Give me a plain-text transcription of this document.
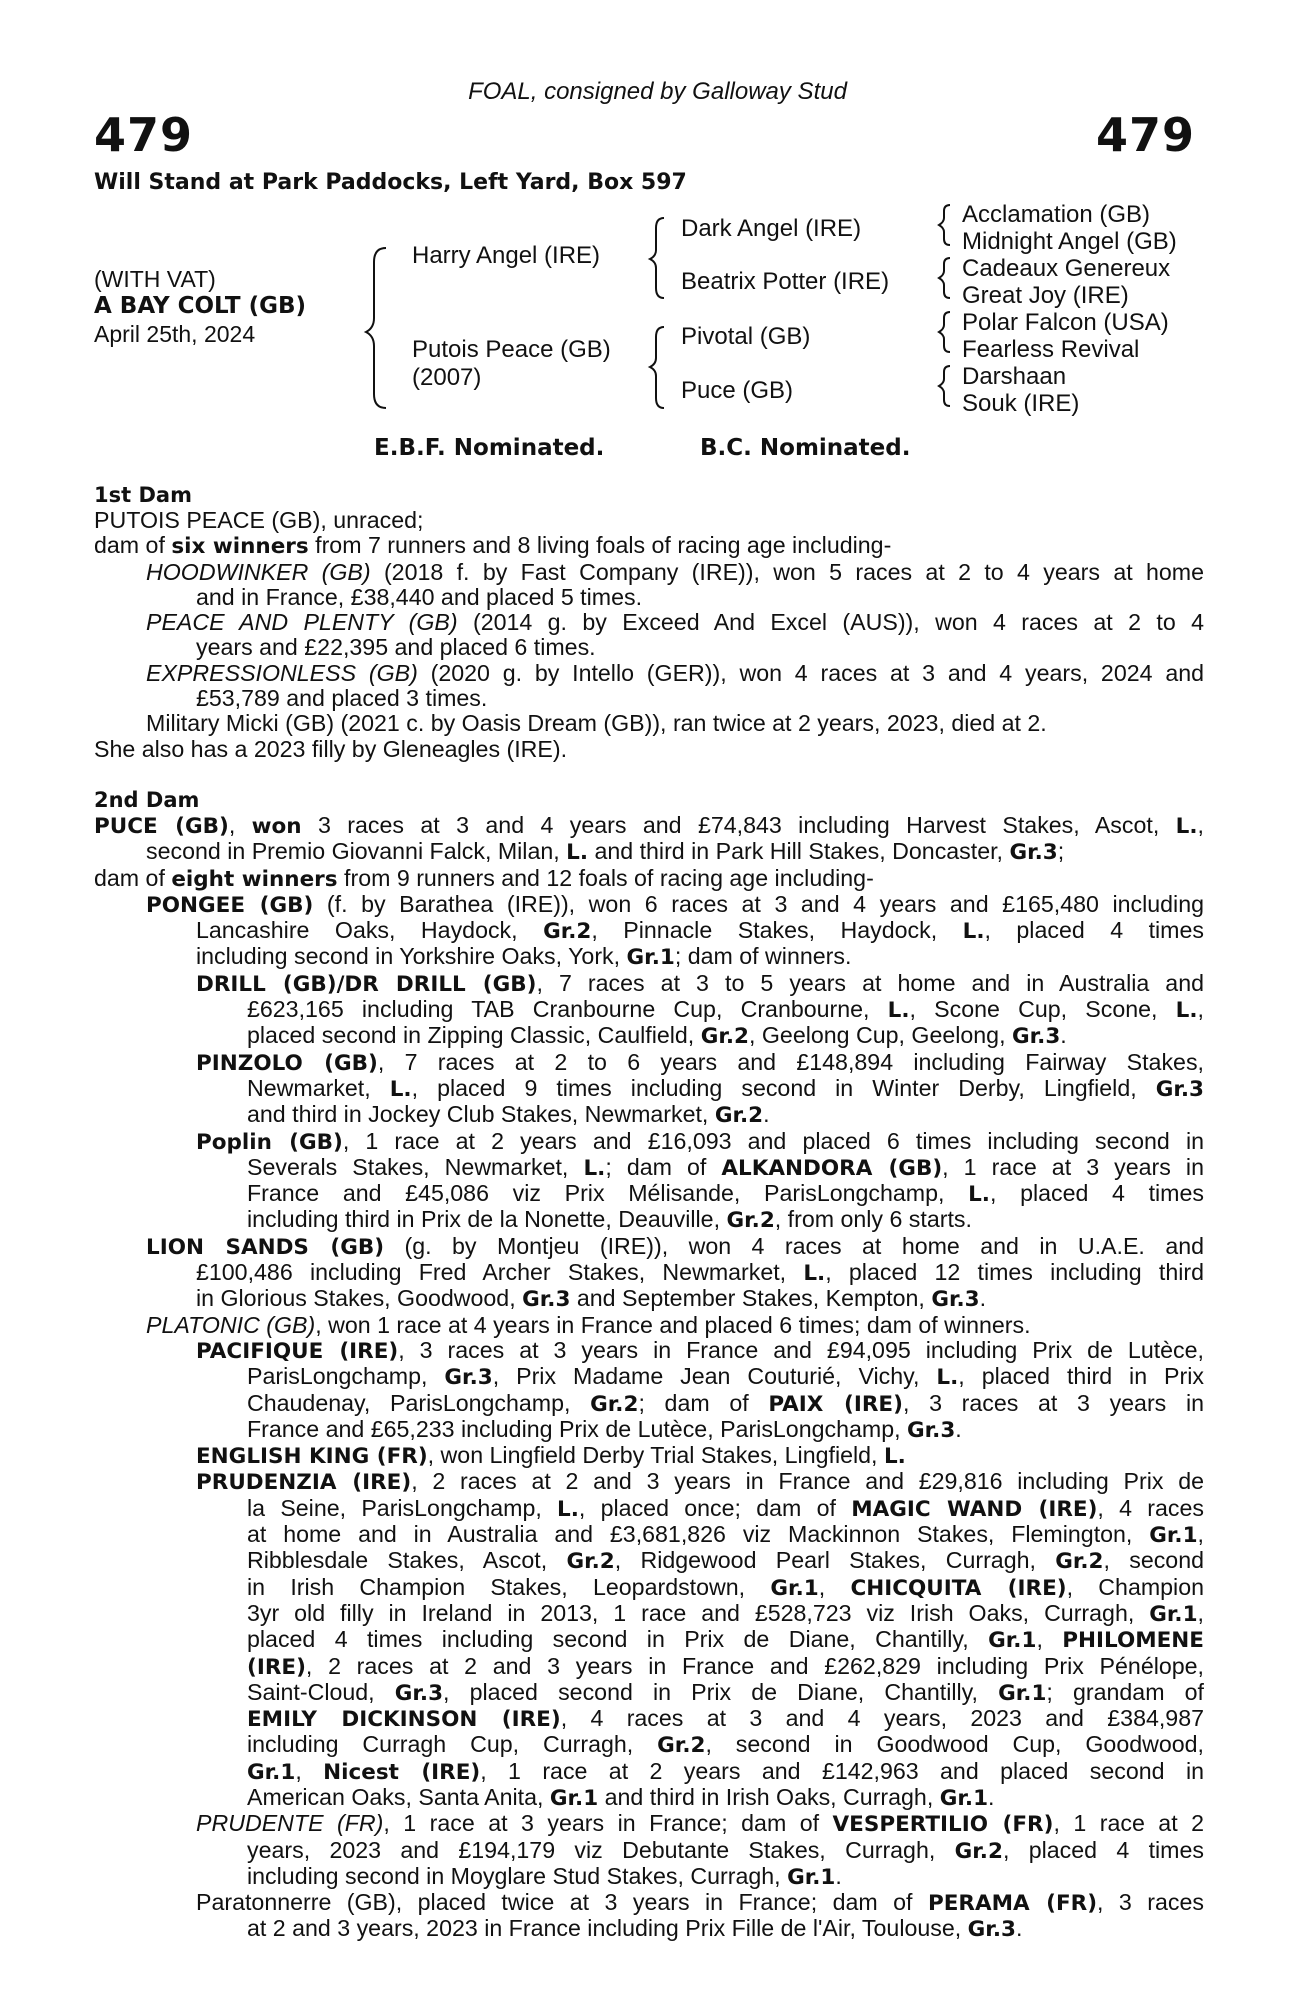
FOAL, consigned by Galloway Stud
479	479
Will Stand at Park Paddocks, Left Yard, Box 597
(WITH VAT)
A BAY COLT (GB)
April 25th, 2024
Harry Angel (IRE)
Putois Peace (GB)
(2007)
Dark Angel (IRE)
Beatrix Potter (IRE)
Pivotal (GB)
Puce (GB)
Acclamation (GB)
Midnight Angel (GB)
Cadeaux Genereux
Great Joy (IRE)
Polar Falcon (USA)
Fearless Revival
Darshaan
Souk (IRE)
E.B.F. Nominated.	B.C. Nominated.
1st Dam
PUTOIS PEACE (GB), unraced;
dam of six winners from 7 runners and 8 living foals of racing age including-
HOODWINKER (GB) (2018 f. by Fast Company (IRE)), won 5 races at 2 to 4 years at home
and in France, £38,440 and placed 5 times.
PEACE AND PLENTY (GB) (2014 g. by Exceed And Excel (AUS)), won 4 races at 2 to 4
years and £22,395 and placed 6 times.
EXPRESSIONLESS (GB) (2020 g. by Intello (GER)), won 4 races at 3 and 4 years, 2024 and
£53,789 and placed 3 times.
Military Micki (GB) (2021 c. by Oasis Dream (GB)), ran twice at 2 years, 2023, died at 2.
She also has a 2023 filly by Gleneagles (IRE).
2nd Dam
PUCE (GB), won 3 races at 3 and 4 years and £74,843 including Harvest Stakes, Ascot, L.,
second in Premio Giovanni Falck, Milan, L. and third in Park Hill Stakes, Doncaster, Gr.3;
dam of eight winners from 9 runners and 12 foals of racing age including-
PONGEE (GB) (f. by Barathea (IRE)), won 6 races at 3 and 4 years and £165,480 including
Lancashire Oaks, Haydock, Gr.2, Pinnacle Stakes, Haydock, L., placed 4 times
including second in Yorkshire Oaks, York, Gr.1; dam of winners.
DRILL (GB)/DR DRILL (GB), 7 races at 3 to 5 years at home and in Australia and
£623,165 including TAB Cranbourne Cup, Cranbourne, L., Scone Cup, Scone, L.,
placed second in Zipping Classic, Caulfield, Gr.2, Geelong Cup, Geelong, Gr.3.
PINZOLO (GB), 7 races at 2 to 6 years and £148,894 including Fairway Stakes,
Newmarket, L., placed 9 times including second in Winter Derby, Lingfield, Gr.3
and third in Jockey Club Stakes, Newmarket, Gr.2.
Poplin (GB), 1 race at 2 years and £16,093 and placed 6 times including second in
Severals Stakes, Newmarket, L.; dam of ALKANDORA (GB), 1 race at 3 years in
France and £45,086 viz Prix Mélisande, ParisLongchamp, L., placed 4 times
including third in Prix de la Nonette, Deauville, Gr.2, from only 6 starts.
LION SANDS (GB) (g. by Montjeu (IRE)), won 4 races at home and in U.A.E. and
£100,486 including Fred Archer Stakes, Newmarket, L., placed 12 times including third
in Glorious Stakes, Goodwood, Gr.3 and September Stakes, Kempton, Gr.3.
PLATONIC (GB), won 1 race at 4 years in France and placed 6 times; dam of winners.
PACIFIQUE (IRE), 3 races at 3 years in France and £94,095 including Prix de Lutèce,
ParisLongchamp, Gr.3, Prix Madame Jean Couturié, Vichy, L., placed third in Prix
Chaudenay, ParisLongchamp, Gr.2; dam of PAIX (IRE), 3 races at 3 years in
France and £65,233 including Prix de Lutèce, ParisLongchamp, Gr.3.
ENGLISH KING (FR), won Lingfield Derby Trial Stakes, Lingfield, L.
PRUDENZIA (IRE), 2 races at 2 and 3 years in France and £29,816 including Prix de
la Seine, ParisLongchamp, L., placed once; dam of MAGIC WAND (IRE), 4 races
at home and in Australia and £3,681,826 viz Mackinnon Stakes, Flemington, Gr.1,
Ribblesdale Stakes, Ascot, Gr.2, Ridgewood Pearl Stakes, Curragh, Gr.2, second
in Irish Champion Stakes, Leopardstown, Gr.1, CHICQUITA (IRE), Champion
3yr old filly in Ireland in 2013, 1 race and £528,723 viz Irish Oaks, Curragh, Gr.1,
placed 4 times including second in Prix de Diane, Chantilly, Gr.1, PHILOMENE
(IRE), 2 races at 2 and 3 years in France and £262,829 including Prix Pénélope,
Saint-Cloud, Gr.3, placed second in Prix de Diane, Chantilly, Gr.1; grandam of
EMILY DICKINSON (IRE), 4 races at 3 and 4 years, 2023 and £384,987
including Curragh Cup, Curragh, Gr.2, second in Goodwood Cup, Goodwood,
Gr.1, Nicest (IRE), 1 race at 2 years and £142,963 and placed second in
American Oaks, Santa Anita, Gr.1 and third in Irish Oaks, Curragh, Gr.1.
PRUDENTE (FR), 1 race at 3 years in France; dam of VESPERTILIO (FR), 1 race at 2
years, 2023 and £194,179 viz Debutante Stakes, Curragh, Gr.2, placed 4 times
including second in Moyglare Stud Stakes, Curragh, Gr.1.
Paratonnerre (GB), placed twice at 3 years in France; dam of PERAMA (FR), 3 races
at 2 and 3 years, 2023 in France including Prix Fille de l'Air, Toulouse, Gr.3.
